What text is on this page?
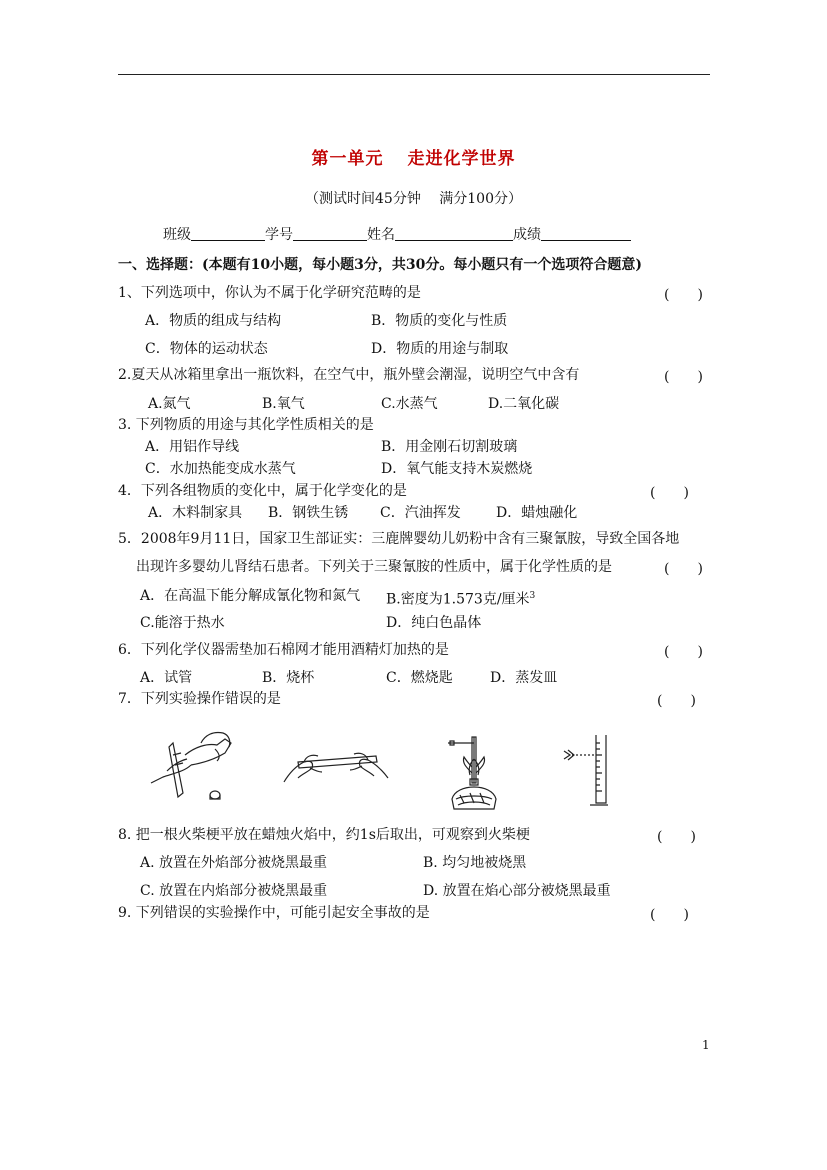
第一单元 走进化学世界
（测试时间45分钟　 满分100分）
班级	学号	姓名	成绩
一、选择题：(本题有10小题，每小题3分，共30分。每小题只有一个选项符合题意)
1、下列选项中，你认为不属于化学研究范畴的是	(　　)
A．物质的组成与结构	B．物质的变化与性质
C．物体的运动状态	D．物质的用途与制取
2.夏天从冰箱里拿出一瓶饮料，在空气中，瓶外壁会潮湿，说明空气中含有	(　　)
A.氮气	B.氧气	C.水蒸气	D.二氧化碳
3. 下列物质的用途与其化学性质相关的是
A．用铝作导线	B．用金刚石切割玻璃
C．水加热能变成水蒸气	D．氧气能支持木炭燃烧
4．下列各组物质的变化中，属于化学变化的是	(　　)
A．木料制家具 B．钢铁生锈 C．汽油挥发	D．蜡烛融化
5．2008年9月11日，国家卫生部证实：三鹿牌婴幼儿奶粉中含有三聚氰胺，导致全国各地
出现许多婴幼儿肾结石患者。下列关于三聚氰胺的性质中，属于化学性质的是	(　　)
A．在高温下能分解成氰化物和氮气 B.密度为1.573克/厘米$^3$
C.能溶于热水	D．纯白色晶体
6．下列化学仪器需垫加石棉网才能用酒精灯加热的是	(　　)
A．试管	B．烧杯	C．燃烧匙	D．蒸发皿
7．下列实验操作错误的是	(　　)
8. 把一根火柴梗平放在蜡烛火焰中，约1s后取出，可观察到火柴梗	(　　)
A. 放置在外焰部分被烧黑最重	B. 均匀地被烧黑
C. 放置在内焰部分被烧黑最重	D. 放置在焰心部分被烧黑最重
9. 下列错误的实验操作中，可能引起安全事故的是	(　　)
1
